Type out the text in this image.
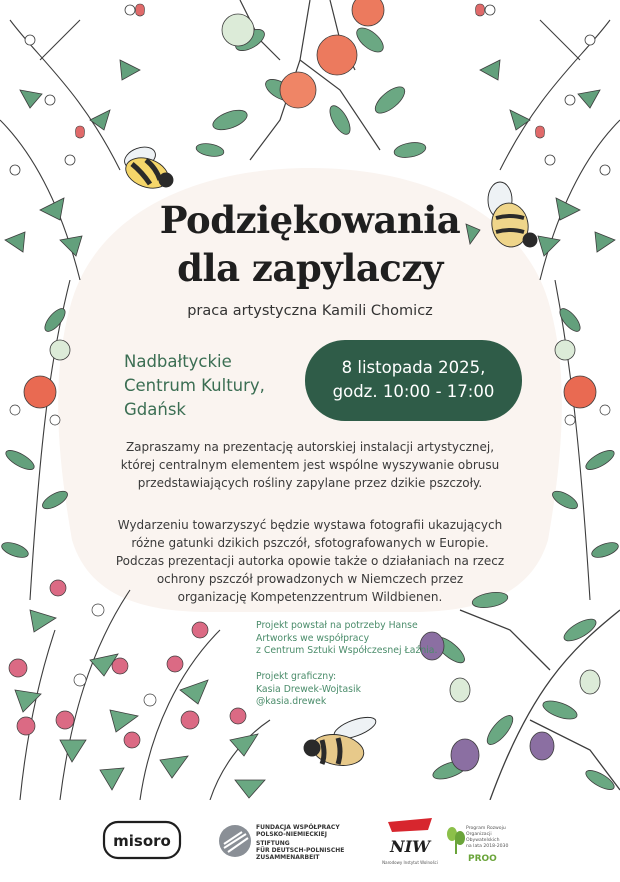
Podziękowania
dla zapylaczy
praca artystyczna Kamili Chomicz
Nadbałtyckie
Centrum Kultury,
Gdańsk
8 listopada 2025,
godz. 10:00 - 17:00
Zapraszamy na prezentację autorskiej instalacji artystycznej,
której centralnym elementem jest wspólne wyszywanie obrusu
przedstawiających rośliny zapylane przez dzikie pszczoły.
Wydarzeniu towarzyszyć będzie wystawa fotografii ukazujących
różne gatunki dzikich pszczół, sfotografowanych w Europie.
Podczas prezentacji autorka opowie także o działaniach na rzecz
ochrony pszczół prowadzonych w Niemczech przez
organizację Kompetenzzentrum Wildbienen.
Projekt powstał na potrzeby Hanse
Artworks we współpracy
z Centrum Sztuki Współczesnej Łaźnia.
Projekt graficzny:
Kasia Drewek-Wojtasik
@kasia.drewek
misoro
FUNDACJA WSPÓŁPRACY
POLSKO-NIEMIECKIEJ
STIFTUNG
FÜR DEUTSCH-POLNISCHE
ZUSAMMENARBEIT
NIW
Narodowy Instytut Wolności
Program Rozwoju
Organizacji
Obywatelskich
na lata 2018-2030
PROO
